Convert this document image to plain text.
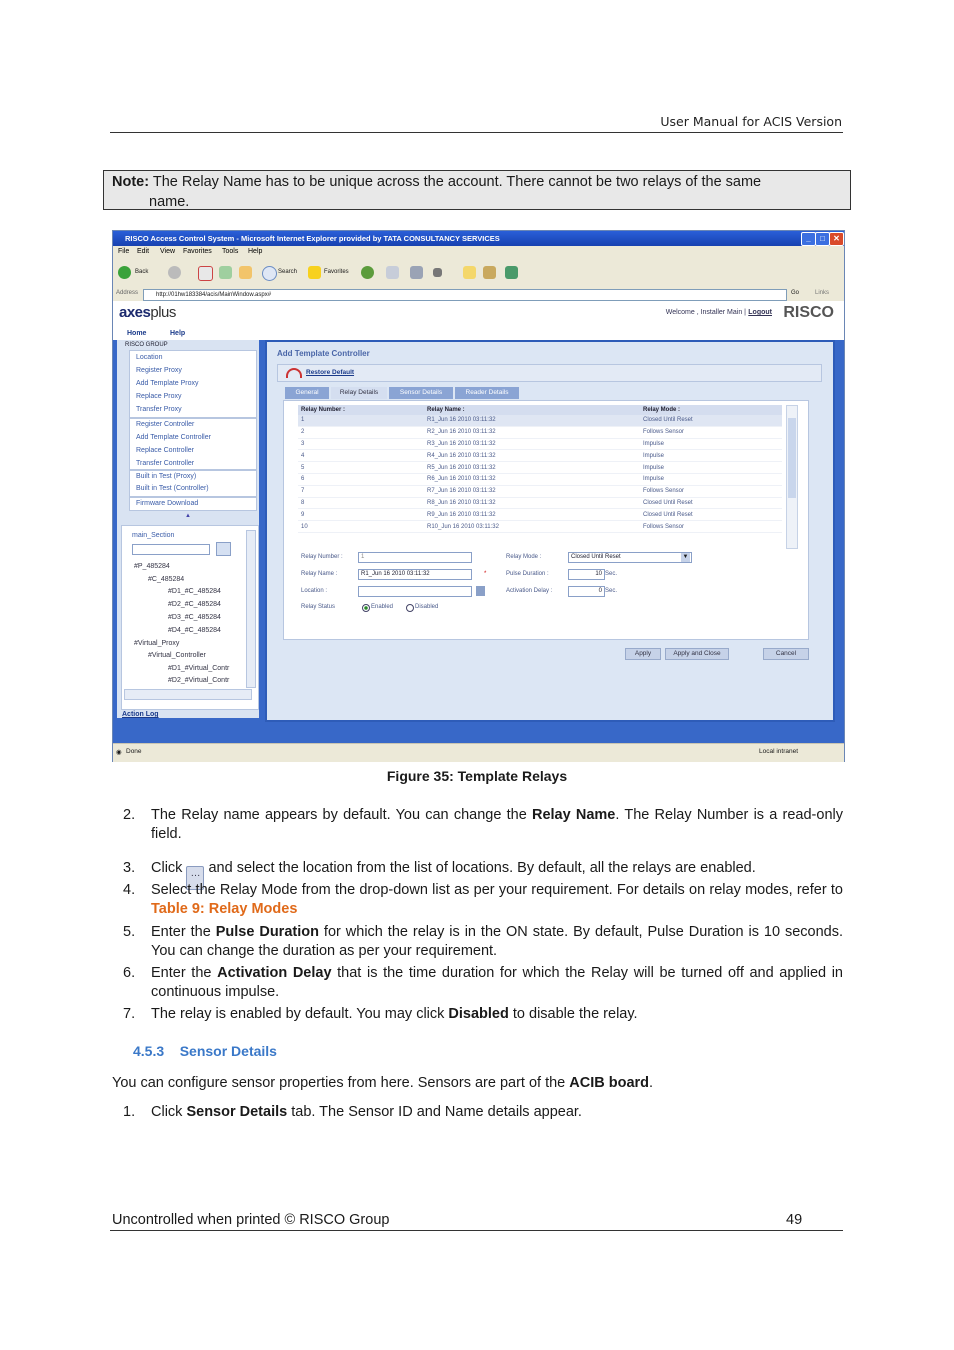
User Manual for ACIS Version
Note: The Relay Name has to be unique across the account. There cannot be two relays of the same
name.
RISCO Access Control System - Microsoft Internet Explorer provided by TATA CONSULTANCY SERVICES	_	□	✕
File Edit View Favorites Tools Help
Back	Search	Favorites
Address	http://01hw183384/acis/MainWindow.aspx#	Go	Links
axesplus	Welcome , Installer Main | Logout RISCO
Home	Help
RISCO GROUP
Location
Register Proxy
Add Template Proxy
Replace Proxy
Transfer Proxy
Register Controller
Add Template Controller
Replace Controller
Transfer Controller
Built in Test (Proxy)
Built in Test (Controller)
Firmware Download
▲
main_Section
#P_485284
#C_485284
#D1_#C_485284
#D2_#C_485284
#D3_#C_485284
#D4_#C_485284
#Virtual_Proxy
#Virtual_Controller
#D1_#Virtual_Contr
#D2_#Virtual_Contr
Action Log
Add Template Controller
Restore Default
General	Relay Details	Sensor Details	Reader Details
Relay Number :	Relay Name :	Relay Mode :
1	R1_Jun 16 2010 03:11:32	Closed Until Reset
2	R2_Jun 16 2010 03:11:32	Follows Sensor
3	R3_Jun 16 2010 03:11:32	Impulse
4	R4_Jun 16 2010 03:11:32	Impulse
5	R5_Jun 16 2010 03:11:32	Impulse
6	R6_Jun 16 2010 03:11:32	Impulse
7	R7_Jun 16 2010 03:11:32	Follows Sensor
8	R8_Jun 16 2010 03:11:32	Closed Until Reset
9	R9_Jun 16 2010 03:11:32	Closed Until Reset
10	R10_Jun 16 2010 03:11:32	Follows Sensor
Relay Number :	1
Relay Name :	R1_Jun 16 2010 03:11:32	*
Location :
Relay Status	Enabled	Disabled
Relay Mode :	Closed Until Reset	▼
Pulse Duration :	10 Sec.
Activation Delay :	0 Sec.
Apply	Apply and Close	Cancel
◉ Done	Local intranet
Figure 35: Template Relays
2. The Relay name appears by default. You can change the Relay Name. The Relay Number is a read-only field.
3. Click … and select the location from the list of locations. By default, all the relays are enabled.
4. Select the Relay Mode from the drop-down list as per your requirement. For details on relay modes, refer to Table 9: Relay Modes
5. Enter the Pulse Duration for which the relay is in the ON state. By default, Pulse Duration is 10 seconds. You can change the duration as per your requirement.
6. Enter the Activation Delay that is the time duration for which the Relay will be turned off and applied in continuous impulse.
7. The relay is enabled by default. You may click Disabled to disable the relay.
4.5.3 Sensor Details
You can configure sensor properties from here. Sensors are part of the ACIB board.
1. Click Sensor Details tab. The Sensor ID and Name details appear.
Uncontrolled when printed © RISCO Group	49
